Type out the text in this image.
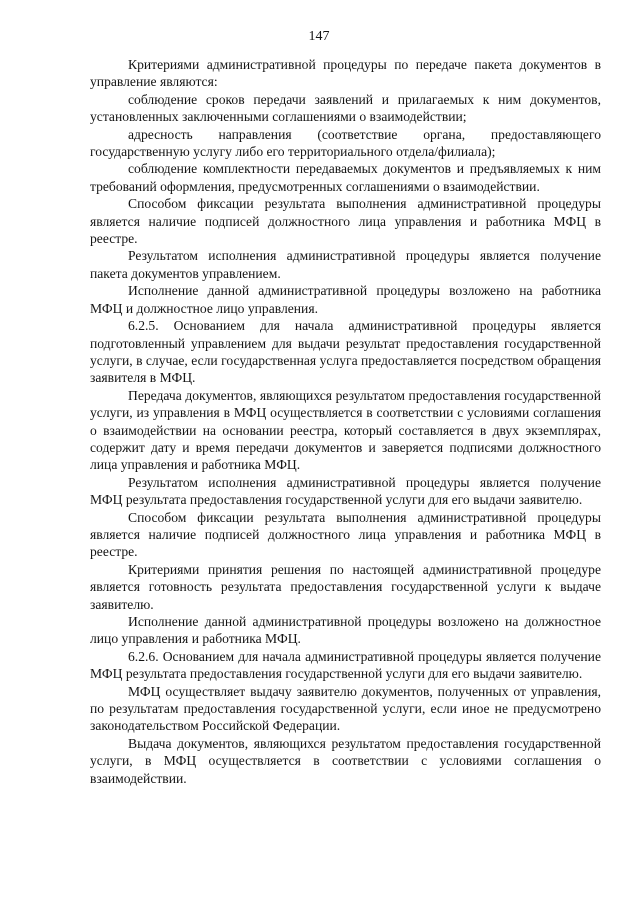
147

Критериями административной процедуры по передаче пакета документов в управление являются:

соблюдение сроков передачи заявлений и прилагаемых к ним документов, установленных заключенными соглашениями о взаимодействии;

адресность направления (соответствие органа, предоставляющего государственную услугу либо его территориального отдела/филиала);

соблюдение комплектности передаваемых документов и предъявляемых к ним требований оформления, предусмотренных соглашениями о взаимодействии.

Способом фиксации результата выполнения административной процедуры является наличие подписей должностного лица управления и работника МФЦ в реестре.

Результатом исполнения административной процедуры является получение пакета документов управлением.

Исполнение данной административной процедуры возложено на работника МФЦ и должностное лицо управления.

6.2.5. Основанием для начала административной процедуры является подготовленный управлением для выдачи результат предоставления государственной услуги, в случае, если государственная услуга предоставляется посредством обращения заявителя в МФЦ.

Передача документов, являющихся результатом предоставления государственной услуги, из управления в МФЦ осуществляется в соответствии с условиями соглашения о взаимодействии на основании реестра, который составляется в двух экземплярах, содержит дату и время передачи документов и заверяется подписями должностного лица управления и работника МФЦ.

Результатом исполнения административной процедуры является получение МФЦ результата предоставления государственной услуги для его выдачи заявителю.

Способом фиксации результата выполнения административной процедуры является наличие подписей должностного лица управления и работника МФЦ в реестре.

Критериями принятия решения по настоящей административной процедуре является готовность результата предоставления государственной услуги к выдаче заявителю.

Исполнение данной административной процедуры возложено на должностное лицо управления и работника МФЦ.

6.2.6. Основанием для начала административной процедуры является получение МФЦ результата предоставления государственной услуги для его выдачи заявителю.

МФЦ осуществляет выдачу заявителю документов, полученных от управления, по результатам предоставления государственной услуги, если иное не предусмотрено законодательством Российской Федерации.

Выдача документов, являющихся результатом предоставления государственной услуги, в МФЦ осуществляется в соответствии с условиями соглашения о взаимодействии.
